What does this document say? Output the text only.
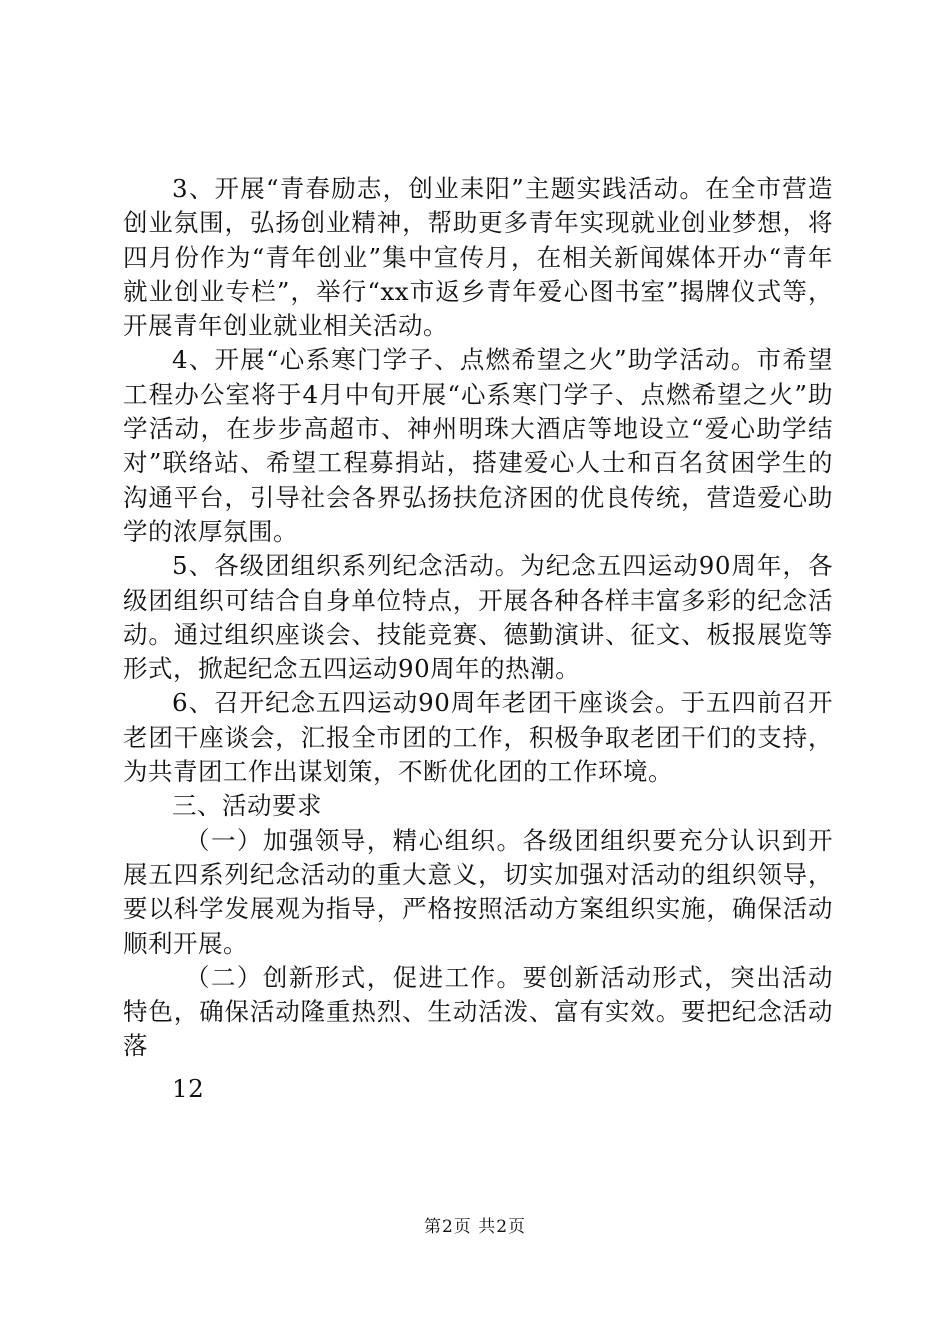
3、开展“青春励志，创业耒阳”主题实践活动。在全市营造创业氛围，弘扬创业精神，帮助更多青年实现就业创业梦想，将四月份作为“青年创业”集中宣传月，在相关新闻媒体开办“青年就业创业专栏”，举行“xx市返乡青年爱心图书室”揭牌仪式等，开展青年创业就业相关活动。

4、开展“心系寒门学子、点燃希望之火”助学活动。市希望工程办公室将于4月中旬开展“心系寒门学子、点燃希望之火”助学活动，在步步高超市、神州明珠大酒店等地设立“爱心助学结对”联络站、希望工程募捐站，搭建爱心人士和百名贫困学生的沟通平台，引导社会各界弘扬扶危济困的优良传统，营造爱心助学的浓厚氛围。

5、各级团组织系列纪念活动。为纪念五四运动90周年，各级团组织可结合自身单位特点，开展各种各样丰富多彩的纪念活动。通过组织座谈会、技能竞赛、德勤演讲、征文、板报展览等形式，掀起纪念五四运动90周年的热潮。

6、召开纪念五四运动90周年老团干座谈会。于五四前召开老团干座谈会，汇报全市团的工作，积极争取老团干们的支持，为共青团工作出谋划策，不断优化团的工作环境。

三、活动要求

（一）加强领导，精心组织。各级团组织要充分认识到开展五四系列纪念活动的重大意义，切实加强对活动的组织领导，要以科学发展观为指导，严格按照活动方案组织实施，确保活动顺利开展。

（二）创新形式，促进工作。要创新活动形式，突出活动特色，确保活动隆重热烈、生动活泼、富有实效。要把纪念活动落

12

第2页 共2页
